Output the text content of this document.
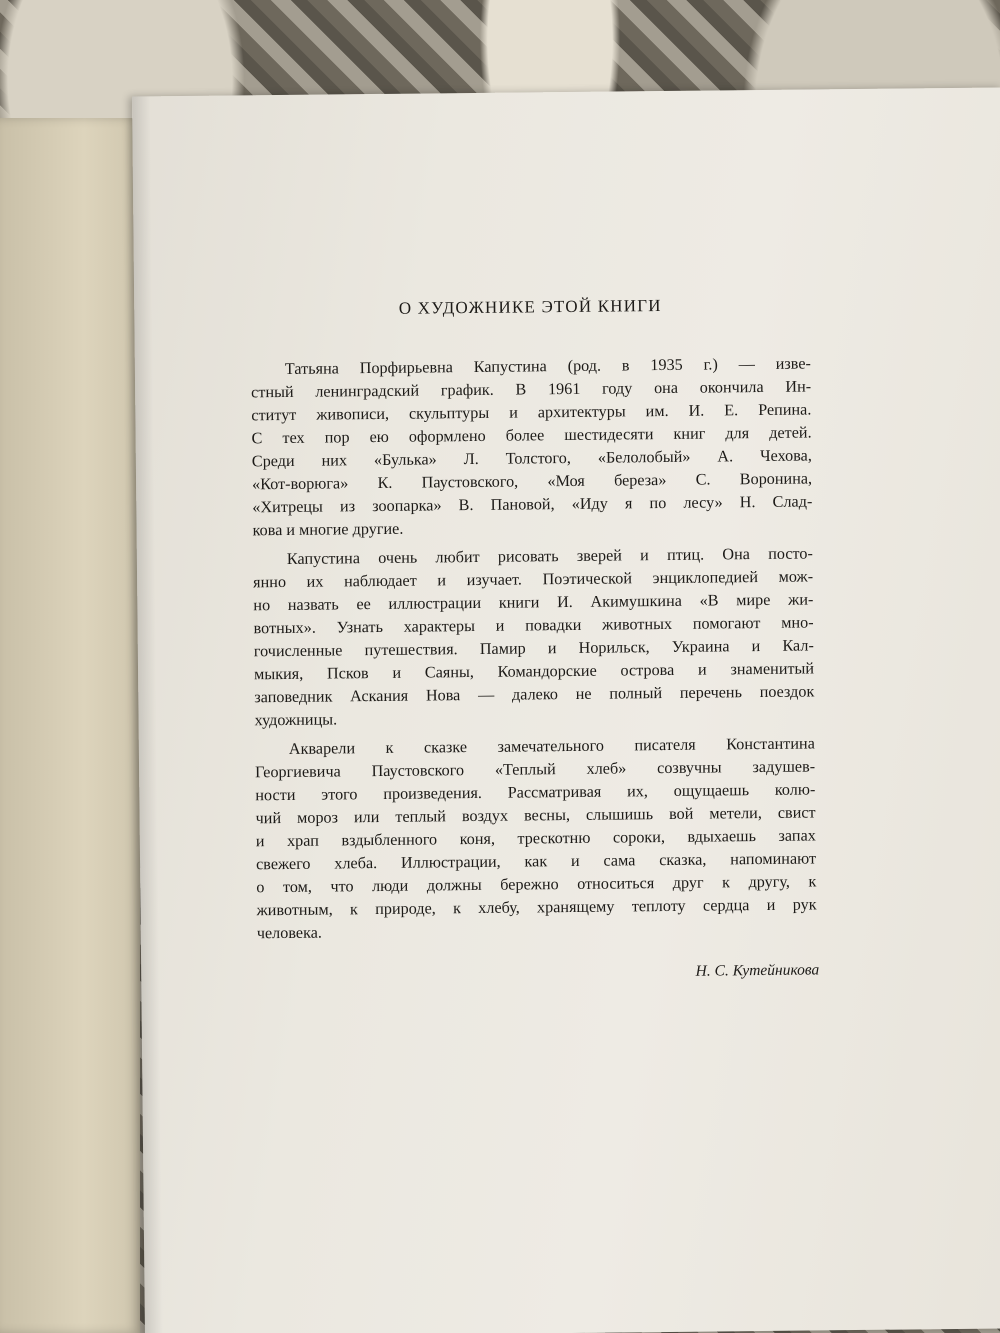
О ХУДОЖНИКЕ ЭТОЙ КНИГИ

Татьяна Порфирьевна Капустина (род. в 1935 г.) — изве-
стный ленинградский график. В 1961 году она окончила Ин-
ститут живописи, скульптуры и архитектуры им. И. Е. Репина.
С тех пор ею оформлено более шестидесяти книг для детей.
Среди них «Булька» Л. Толстого, «Белолобый» А. Чехова,
«Кот-ворюга» К. Паустовского, «Моя береза» С. Воронина,
«Хитрецы из зоопарка» В. Пановой, «Иду я по лесу» Н. Слад-
кова и многие другие.

Капустина очень любит рисовать зверей и птиц. Она посто-
янно их наблюдает и изучает. Поэтической энциклопедией мож-
но назвать ее иллюстрации книги И. Акимушкина «В мире жи-
вотных». Узнать характеры и повадки животных помогают мно-
гочисленные путешествия. Памир и Норильск, Украина и Кал-
мыкия, Псков и Саяны, Командорские острова и знаменитый
заповедник Аскания Нова — далеко не полный перечень поездок
художницы.

Акварели к сказке замечательного писателя Константина
Георгиевича Паустовского «Теплый хлеб» созвучны задушев-
ности этого произведения. Рассматривая их, ощущаешь колю-
чий мороз или теплый воздух весны, слышишь вой метели, свист
и храп вздыбленного коня, трескотню сороки, вдыхаешь запах
свежего хлеба. Иллюстрации, как и сама сказка, напоминают
о том, что люди должны бережно относиться друг к другу, к
животным, к природе, к хлебу, хранящему теплоту сердца и рук
человека.

Н. С. Кутейникова
